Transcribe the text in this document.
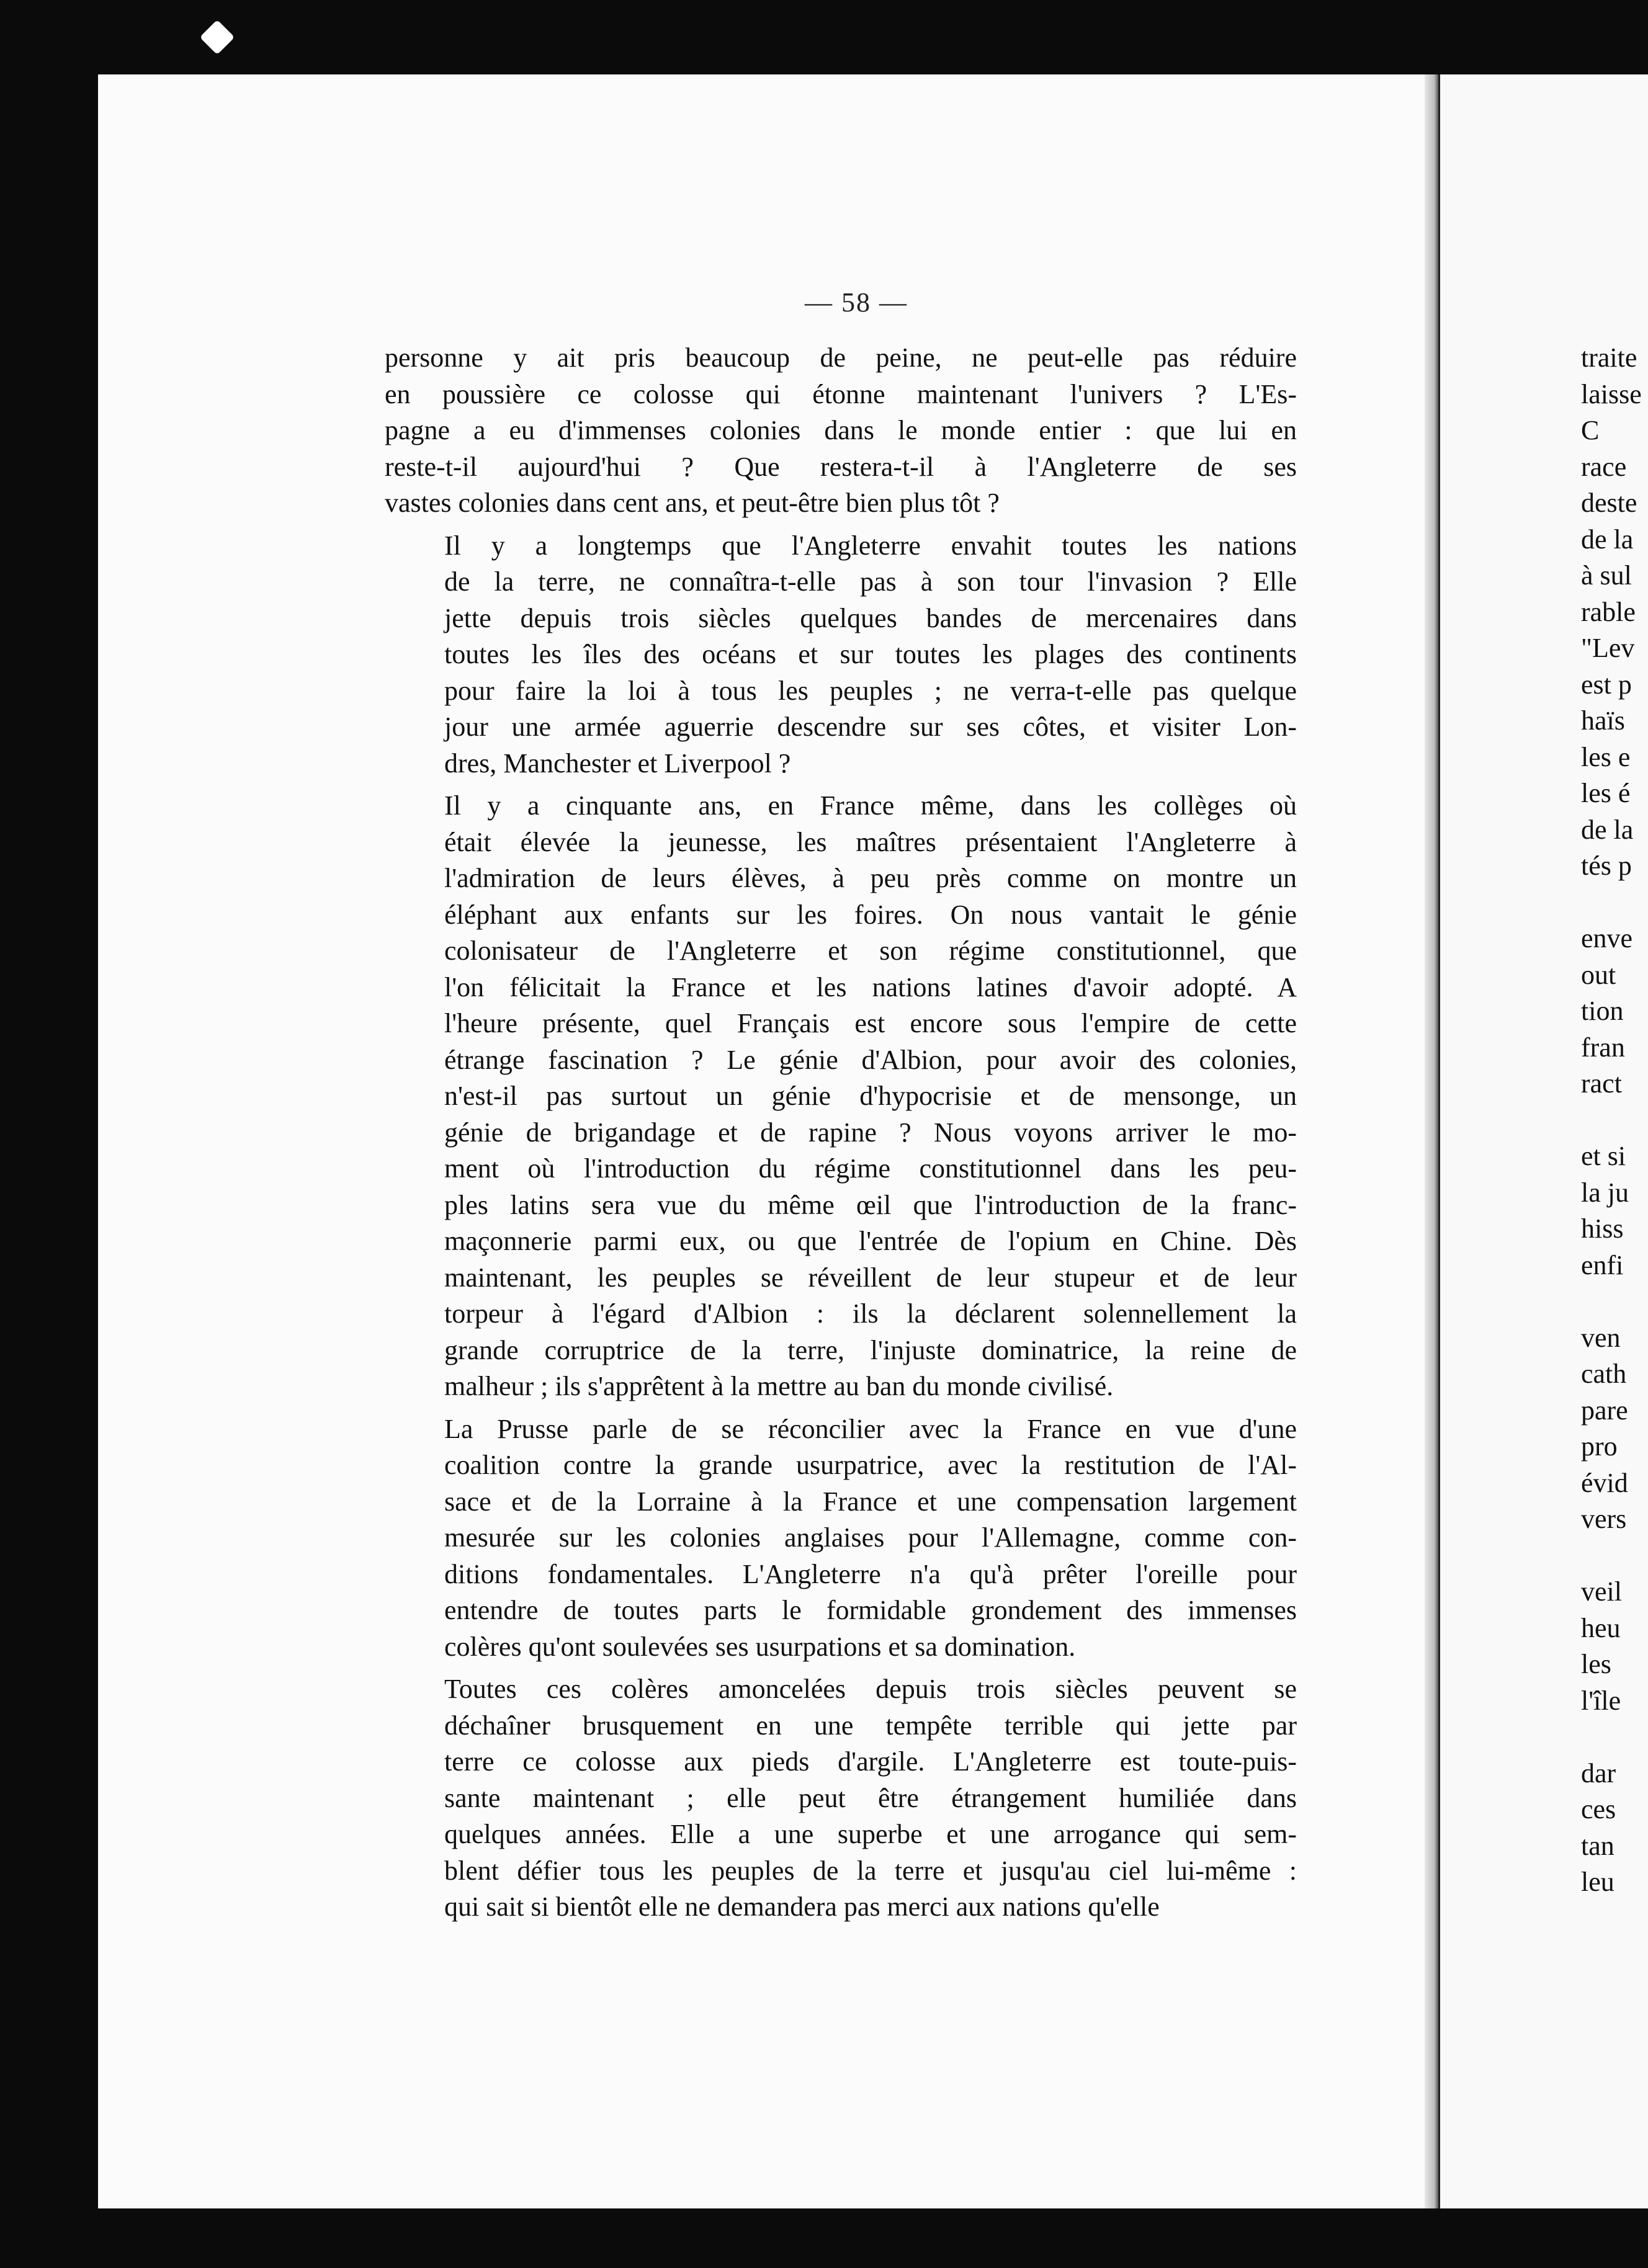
— 58 —

personne y ait pris beaucoup de peine, ne peut-elle pas réduire
en poussière ce colosse qui étonne maintenant l'univers ? L'Es-
pagne a eu d'immenses colonies dans le monde entier : que lui en
reste-t-il aujourd'hui ? Que restera-t-il à l'Angleterre de ses
vastes colonies dans cent ans, et peut-être bien plus tôt ?

Il y a longtemps que l'Angleterre envahit toutes les nations
de la terre, ne connaîtra-t-elle pas à son tour l'invasion ? Elle
jette depuis trois siècles quelques bandes de mercenaires dans
toutes les îles des océans et sur toutes les plages des continents
pour faire la loi à tous les peuples ; ne verra-t-elle pas quelque
jour une armée aguerrie descendre sur ses côtes, et visiter Lon-
dres, Manchester et Liverpool ?

Il y a cinquante ans, en France même, dans les collèges où
était élevée la jeunesse, les maîtres présentaient l'Angleterre à
l'admiration de leurs élèves, à peu près comme on montre un
éléphant aux enfants sur les foires. On nous vantait le génie
colonisateur de l'Angleterre et son régime constitutionnel, que
l'on félicitait la France et les nations latines d'avoir adopté. A
l'heure présente, quel Français est encore sous l'empire de cette
étrange fascination ? Le génie d'Albion, pour avoir des colonies,
n'est-il pas surtout un génie d'hypocrisie et de mensonge, un
génie de brigandage et de rapine ? Nous voyons arriver le mo-
ment où l'introduction du régime constitutionnel dans les peu-
ples latins sera vue du même œil que l'introduction de la franc-
maçonnerie parmi eux, ou que l'entrée de l'opium en Chine. Dès
maintenant, les peuples se réveillent de leur stupeur et de leur
torpeur à l'égard d'Albion : ils la déclarent solennellement la
grande corruptrice de la terre, l'injuste dominatrice, la reine de
malheur ; ils s'apprêtent à la mettre au ban du monde civilisé.

La Prusse parle de se réconcilier avec la France en vue d'une
coalition contre la grande usurpatrice, avec la restitution de l'Al-
sace et de la Lorraine à la France et une compensation largement
mesurée sur les colonies anglaises pour l'Allemagne, comme con-
ditions fondamentales. L'Angleterre n'a qu'à prêter l'oreille pour
entendre de toutes parts le formidable grondement des immenses
colères qu'ont soulevées ses usurpations et sa domination.

Toutes ces colères amoncelées depuis trois siècles peuvent se
déchaîner brusquement en une tempête terrible qui jette par
terre ce colosse aux pieds d'argile. L'Angleterre est toute-puis-
sante maintenant ; elle peut être étrangement humiliée dans
quelques années. Elle a une superbe et une arrogance qui sem-
blent défier tous les peuples de la terre et jusqu'au ciel lui-même :
qui sait si bientôt elle ne demandera pas merci aux nations qu'elle

traite
laisse
C
race
deste
de la
à sul
rable
"Lev
est p
haïs
les e
les é
de la
tés p

enve
out
tion
fran
ract

et si
la ju
hiss
enfi

ven
cath
pare
pro
évid
vers

veil
heu
les
l'île

dar
ces
tan
leu
